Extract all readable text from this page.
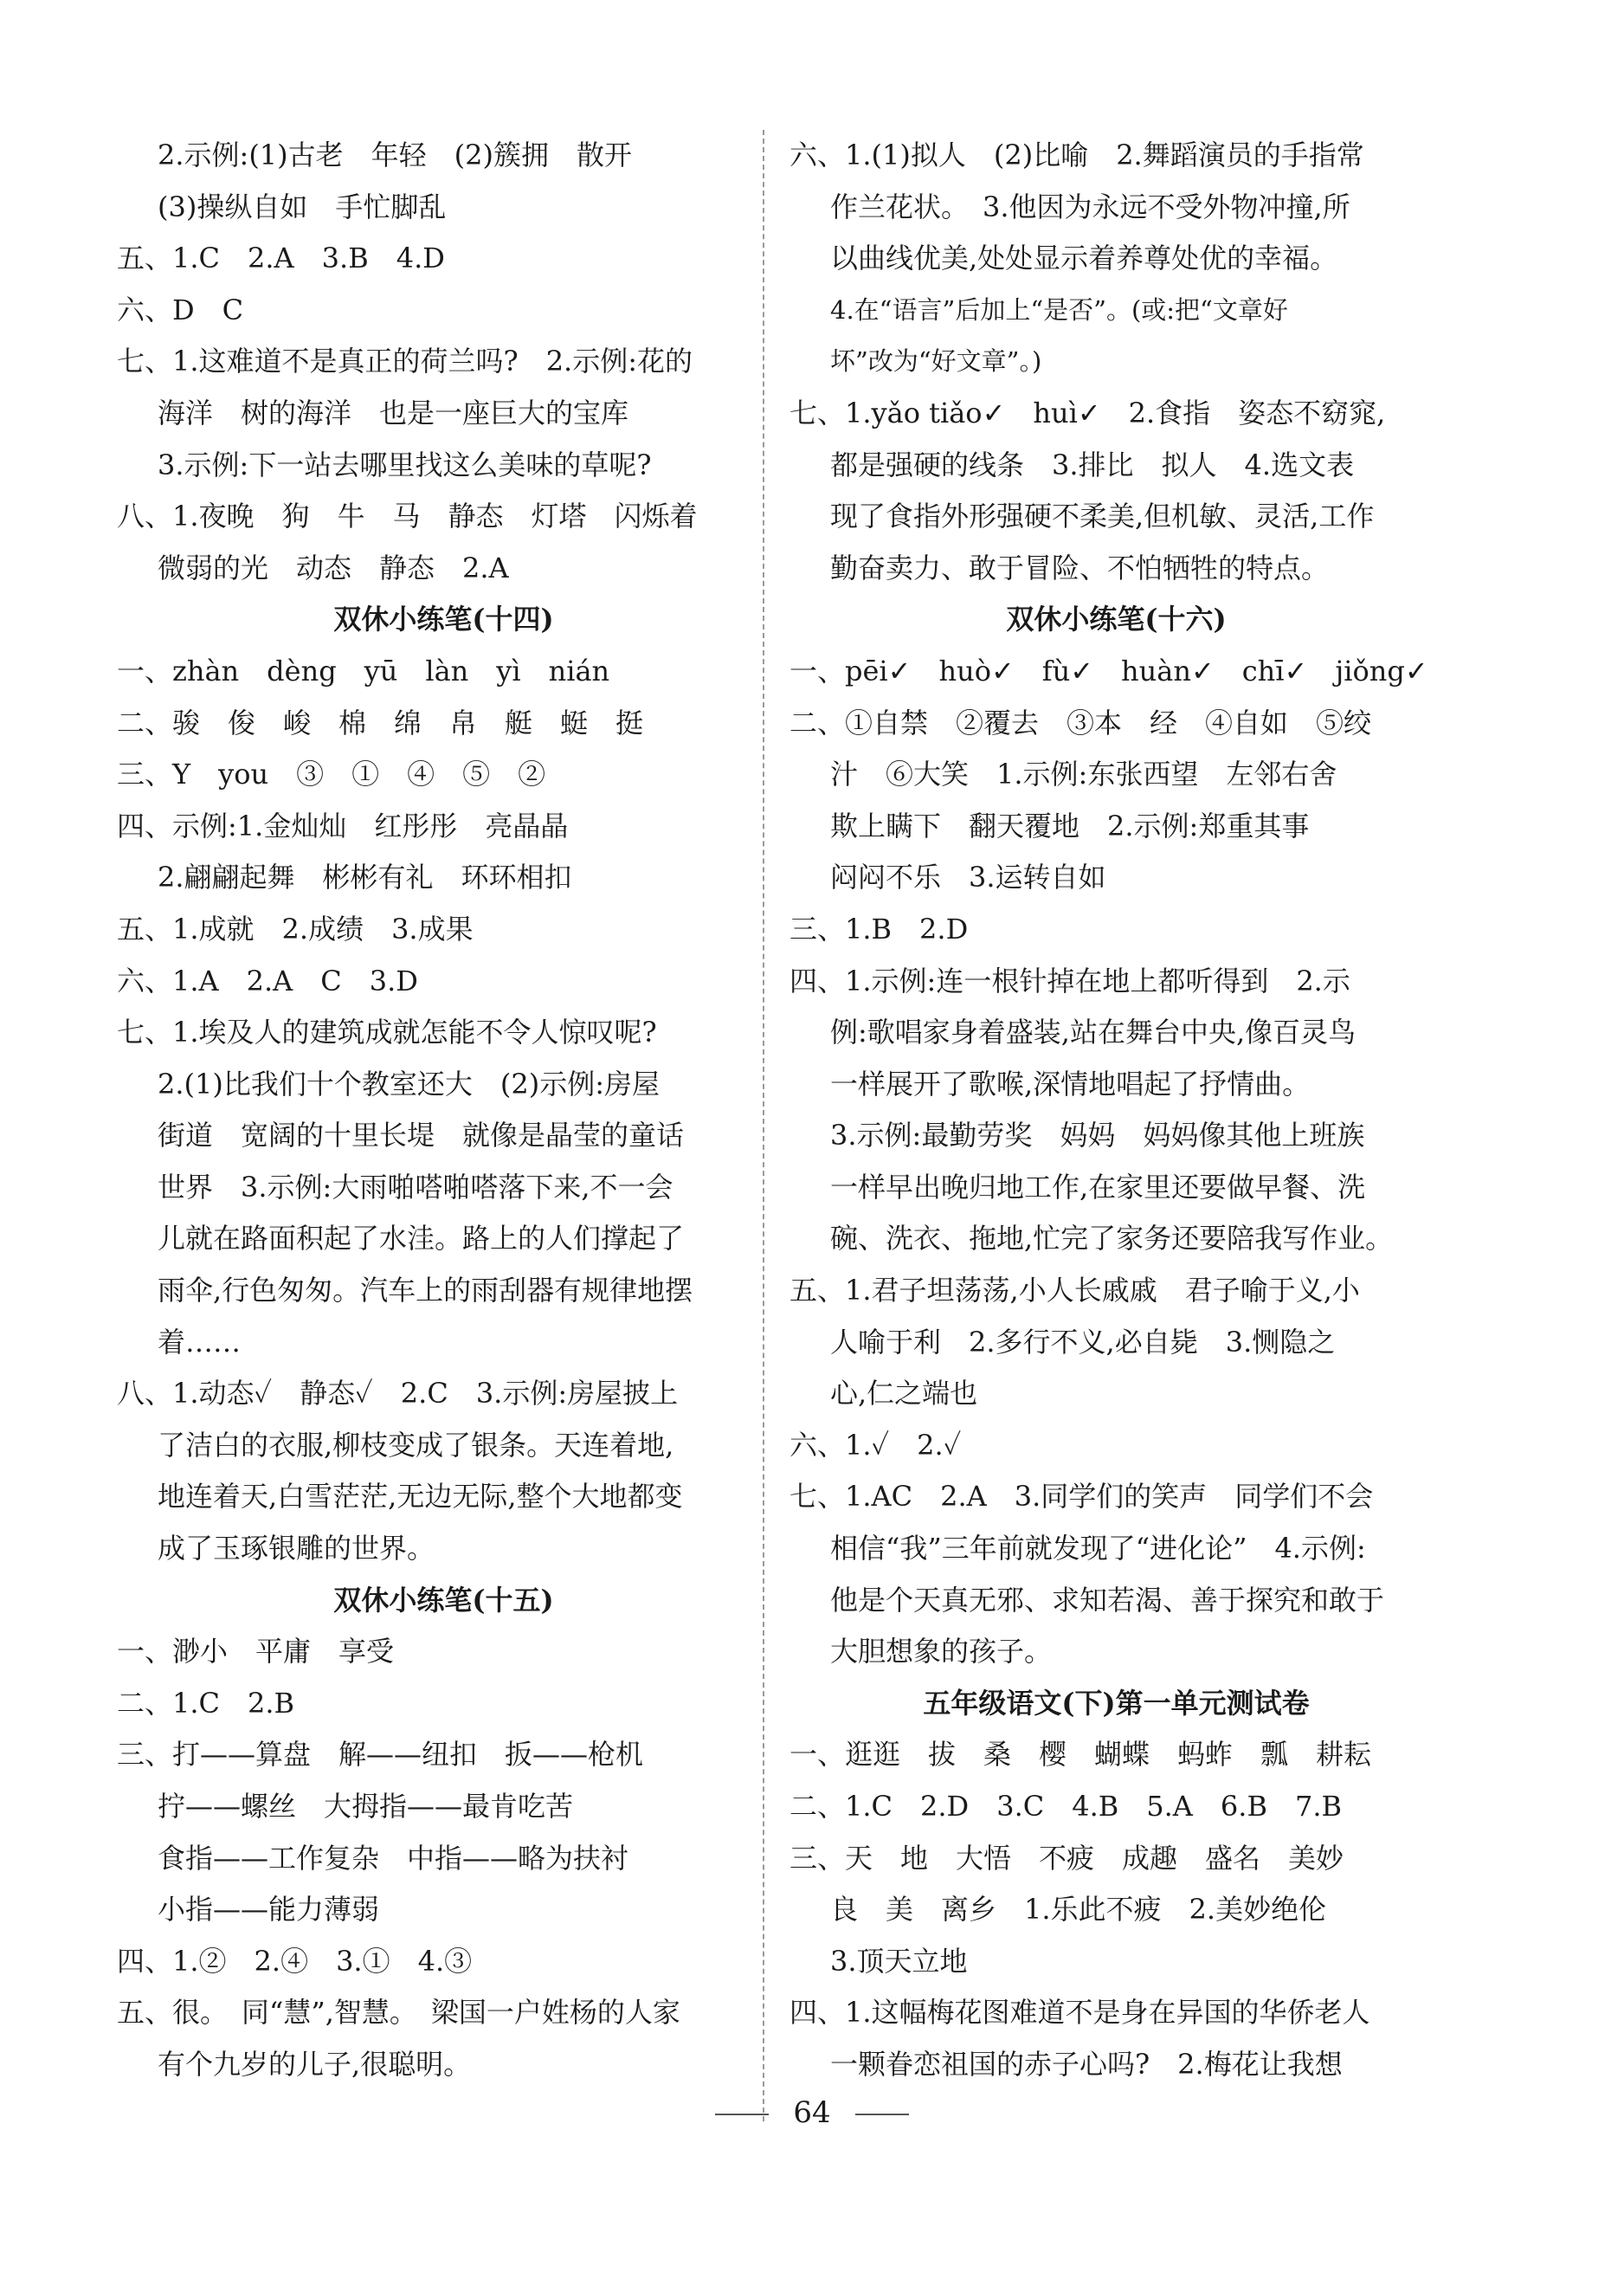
2.示例:(1)古老　年轻　(2)簇拥　散开
(3)操纵自如　手忙脚乱
五、1.C　2.A　3.B　4.D
六、D　C
七、1.这难道不是真正的荷兰吗?　2.示例:花的
海洋　树的海洋　也是一座巨大的宝库
3.示例:下一站去哪里找这么美味的草呢?
八、1.夜晚　狗　牛　马　静态　灯塔　闪烁着
微弱的光　动态　静态　2.A
双休小练笔(十四)
一、zhàn　dèng　yū　làn　yì　nián
二、骏　俊　峻　棉　绵　帛　艇　蜓　挺
三、Y　you　③　①　④　⑤　②
四、示例:1.金灿灿　红彤彤　亮晶晶
2.翩翩起舞　彬彬有礼　环环相扣
五、1.成就　2.成绩　3.成果
六、1.A　2.A　C　3.D
七、1.埃及人的建筑成就怎能不令人惊叹呢?
2.(1)比我们十个教室还大　(2)示例:房屋
街道　宽阔的十里长堤　就像是晶莹的童话
世界　3.示例:大雨啪嗒啪嗒落下来,不一会
儿就在路面积起了水洼。路上的人们撑起了
雨伞,行色匆匆。汽车上的雨刮器有规律地摆
着……
八、1.动态✓　静态✓　2.C　3.示例:房屋披上
了洁白的衣服,柳枝变成了银条。天连着地,
地连着天,白雪茫茫,无边无际,整个大地都变
成了玉琢银雕的世界。
双休小练笔(十五)
一、渺小　平庸　享受
二、1.C　2.B
三、打——算盘　解——纽扣　扳——枪机
拧——螺丝　大拇指——最肯吃苦
食指——工作复杂　中指——略为扶衬
小指——能力薄弱
四、1.②　2.④　3.①　4.③
五、很。　同“慧”,智慧。　梁国一户姓杨的人家
有个九岁的儿子,很聪明。
六、1.(1)拟人　(2)比喻　2.舞蹈演员的手指常
作兰花状。　3.他因为永远不受外物冲撞,所
以曲线优美,处处显示着养尊处优的幸福。
4.在“语言”后加上“是否”。(或:把“文章好
坏”改为“好文章”。)
七、1.yǎo tiǎo✓　huì✓　2.食指　姿态不窈窕,
都是强硬的线条　3.排比　拟人　4.选文表
现了食指外形强硬不柔美,但机敏、灵活,工作
勤奋卖力、敢于冒险、不怕牺牲的特点。
双休小练笔(十六)
一、pēi✓　huò✓　fù✓　huàn✓　chī✓　jiǒng✓
二、①自禁　②覆去　③本　经　④自如　⑤绞
汁　⑥大笑　1.示例:东张西望　左邻右舍
欺上瞒下　翻天覆地　2.示例:郑重其事
闷闷不乐　3.运转自如
三、1.B　2.D
四、1.示例:连一根针掉在地上都听得到　2.示
例:歌唱家身着盛装,站在舞台中央,像百灵鸟
一样展开了歌喉,深情地唱起了抒情曲。
3.示例:最勤劳奖　妈妈　妈妈像其他上班族
一样早出晚归地工作,在家里还要做早餐、洗
碗、洗衣、拖地,忙完了家务还要陪我写作业。
五、1.君子坦荡荡,小人长戚戚　君子喻于义,小
人喻于利　2.多行不义,必自毙　3.恻隐之
心,仁之端也
六、1.✓　2.✓
七、1.AC　2.A　3.同学们的笑声　同学们不会
相信“我”三年前就发现了“进化论”　4.示例:
他是个天真无邪、求知若渴、善于探究和敢于
大胆想象的孩子。
五年级语文(下)第一单元测试卷
一、逛逛　拔　桑　樱　蝴蝶　蚂蚱　瓢　耕耘
二、1.C　2.D　3.C　4.B　5.A　6.B　7.B
三、天　地　大悟　不疲　成趣　盛名　美妙
良　美　离乡　1.乐此不疲　2.美妙绝伦
3.顶天立地
四、1.这幅梅花图难道不是身在异国的华侨老人
一颗眷恋祖国的赤子心吗?　2.梅花让我想
64
